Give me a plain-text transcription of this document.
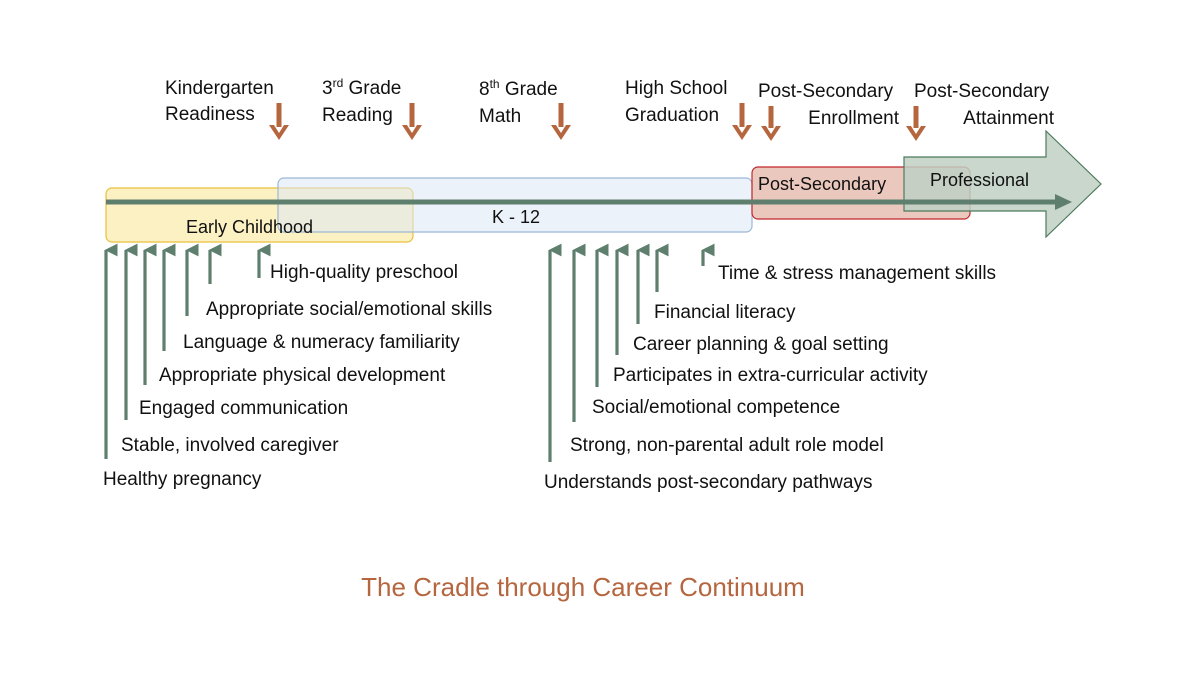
Early Childhood	K - 12
Post-Secondary Professional
Kindergarten
Readiness
3rd Grade
Reading
8th Grade
Math
High School
Graduation
Post-Secondary
Enrollment
Post-Secondary
Attainment
Healthy pregnancy
Stable, involved caregiver
Engaged communication
Appropriate physical development
Language & numeracy familiarity
Appropriate social/emotional skills
High-quality preschool
Understands post-secondary pathways
Strong, non-parental adult role model
Social/emotional competence
Participates in extra-curricular activity
Career planning & goal setting
Financial literacy
Time & stress management skills
The Cradle through Career Continuum
